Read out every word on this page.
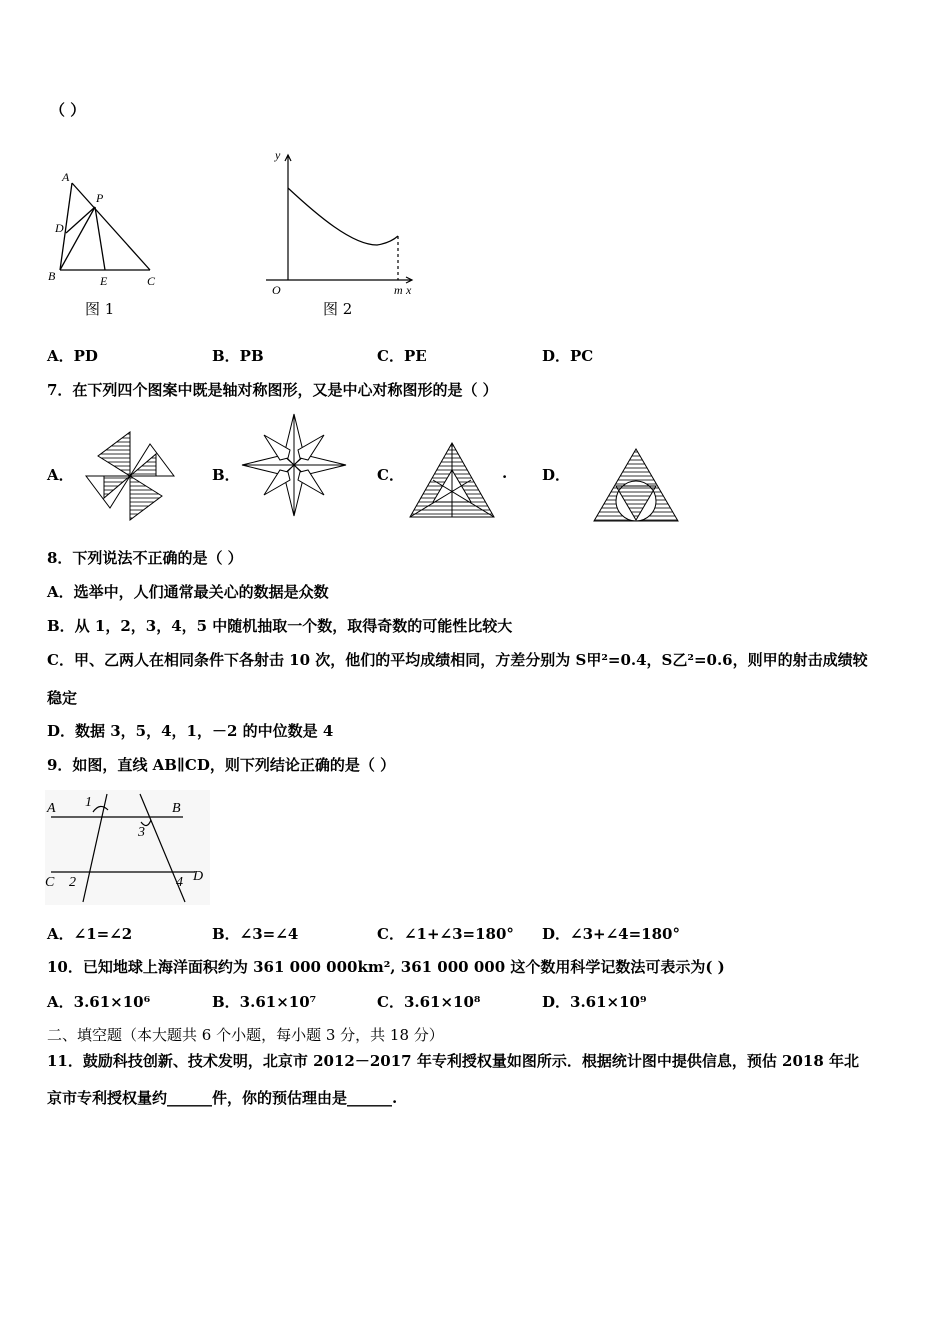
（ ）
A
P
D
B	E	C
图 1
y
O	m x
图 2
A．PD	B．PB	C．PE	D．PC
7．在下列四个图案中既是轴对称图形，又是中心对称图形的是（ ）
A．	B．	C．	. D．
8．下列说法不正确的是（ ）
A．选举中，人们通常最关心的数据是众数
B．从 1，2，3，4，5 中随机抽取一个数，取得奇数的可能性比较大
C．甲、乙两人在相同条件下各射击 10 次，他们的平均成绩相同，方差分别为 S甲²=0.4，S乙²=0.6，则甲的射击成绩较
稳定
D．数据 3，5，4，1，－2 的中位数是 4
9．如图，直线 AB∥CD，则下列结论正确的是（ ）
A 1	B
3
C 2	4 D
A．∠1=∠2	B．∠3=∠4	C．∠1+∠3=180° D．∠3+∠4=180°
10．已知地球上海洋面积约为 361 000 000km², 361 000 000 这个数用科学记数法可表示为( )
A．3.61×10⁶	B．3.61×10⁷	C．3.61×10⁸	D．3.61×10⁹
二、填空题（本大题共 6 个小题，每小题 3 分，共 18 分）
11．鼓励科技创新、技术发明，北京市 2012－2017 年专利授权量如图所示．根据统计图中提供信息，预估 2018 年北
京市专利授权量约______件，你的预估理由是______.
